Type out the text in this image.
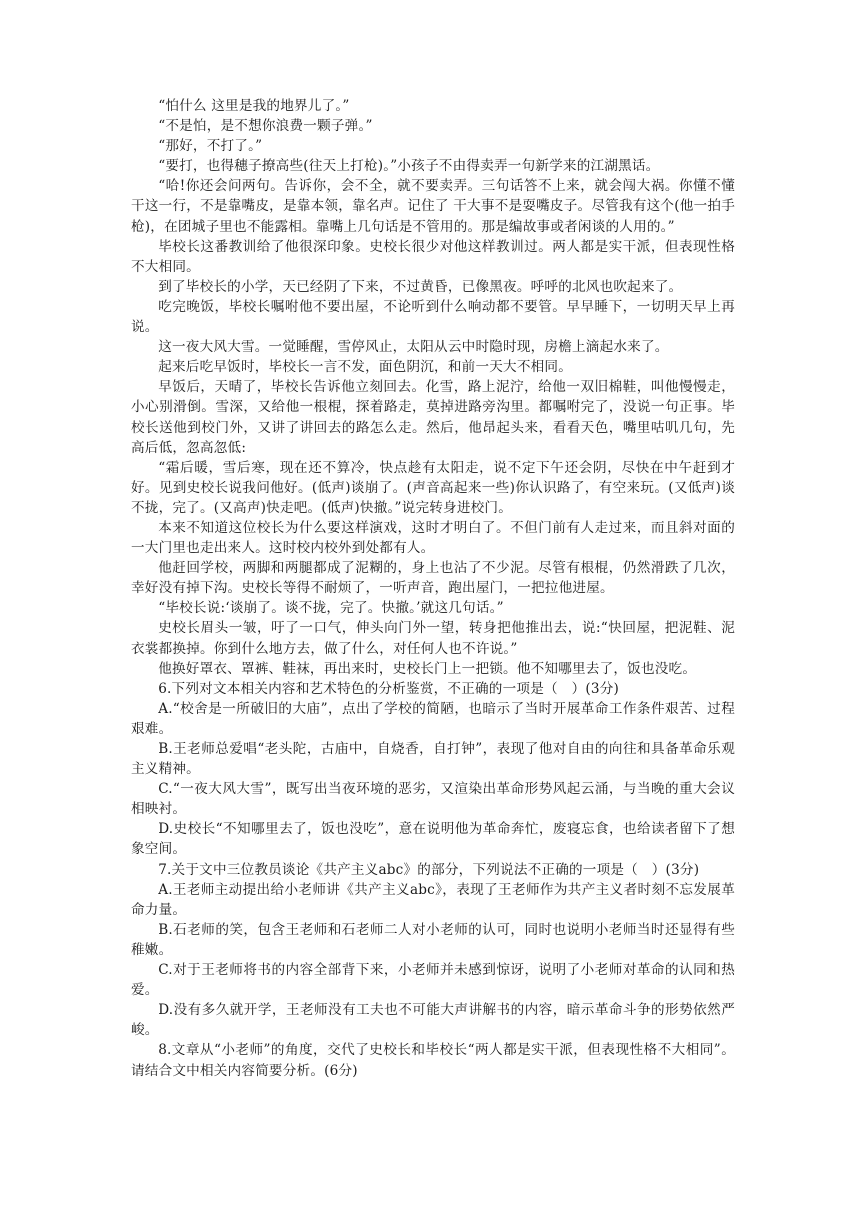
“怕什么 这里是我的地界儿了。”

“不是怕，是不想你浪费一颗子弹。”

“那好，不打了。”

“要打，也得穗子撩高些(往天上打枪)。”小孩子不由得卖弄一句新学来的江湖黑话。

“哈!你还会问两句。告诉你，会不全，就不要卖弄。三句话答不上来，就会闯大祸。你懂不懂 干这一行，不是靠嘴皮，是靠本领，靠名声。记住了 干大事不是耍嘴皮子。尽管我有这个(他一拍手枪)，在团城子里也不能露相。靠嘴上几句话是不管用的。那是编故事或者闲谈的人用的。”

毕校长这番教训给了他很深印象。史校长很少对他这样教训过。两人都是实干派，但表现性格不大相同。

到了毕校长的小学，天已经阴了下来，不过黄昏，已像黑夜。呼呼的北风也吹起来了。

吃完晚饭，毕校长嘱咐他不要出屋，不论听到什么响动都不要管。早早睡下，一切明天早上再说。

这一夜大风大雪。一觉睡醒，雪停风止，太阳从云中时隐时现，房檐上滴起水来了。

起来后吃早饭时，毕校长一言不发，面色阴沉，和前一天大不相同。

早饭后，天晴了，毕校长告诉他立刻回去。化雪，路上泥泞，给他一双旧棉鞋，叫他慢慢走，小心别滑倒。雪深，又给他一根棍，探着路走，莫掉进路旁沟里。都嘱咐完了，没说一句正事。毕校长送他到校门外，又讲了讲回去的路怎么走。然后，他昂起头来，看看天色，嘴里咕叽几句，先高后低，忽高忽低:

“霜后暖，雪后寒，现在还不算冷，快点趁有太阳走，说不定下午还会阴，尽快在中午赶到才好。见到史校长说我问他好。(低声)谈崩了。(声音高起来一些)你认识路了，有空来玩。(又低声)谈不拢，完了。(又高声)快走吧。(低声)快撤。”说完转身进校门。

本来不知道这位校长为什么要这样演戏，这时才明白了。不但门前有人走过来，而且斜对面的一大门里也走出来人。这时校内校外到处都有人。

他赶回学校，两脚和两腿都成了泥糊的，身上也沾了不少泥。尽管有根棍，仍然滑跌了几次，幸好没有掉下沟。史校长等得不耐烦了，一听声音，跑出屋门，一把拉他进屋。

“毕校长说:‘谈崩了。谈不拢，完了。快撤。’就这几句话。”

史校长眉头一皱，吁了一口气，伸头向门外一望，转身把他推出去，说:“快回屋，把泥鞋、泥衣裳都换掉。你到什么地方去，做了什么，对任何人也不许说。”

他换好罩衣、罩裤、鞋袜，再出来时，史校长门上一把锁。他不知哪里去了，饭也没吃。

6.下列对文本相关内容和艺术特色的分析鉴赏，不正确的一项是（　）(3分)

A.“校舍是一所破旧的大庙”，点出了学校的简陋，也暗示了当时开展革命工作条件艰苦、过程艰难。

B.王老师总爱唱“老头陀，古庙中，自烧香，自打钟”，表现了他对自由的向往和具备革命乐观主义精神。

C.“一夜大风大雪”，既写出当夜环境的恶劣，又渲染出革命形势风起云涌，与当晚的重大会议相映衬。

D.史校长“不知哪里去了，饭也没吃”，意在说明他为革命奔忙，废寝忘食，也给读者留下了想象空间。

7.关于文中三位教员谈论《共产主义abc》的部分，下列说法不正确的一项是（　）(3分)

A.王老师主动提出给小老师讲《共产主义abc》，表现了王老师作为共产主义者时刻不忘发展革命力量。

B.石老师的笑，包含王老师和石老师二人对小老师的认可，同时也说明小老师当时还显得有些稚嫩。

C.对于王老师将书的内容全部背下来，小老师并未感到惊讶，说明了小老师对革命的认同和热爱。

D.没有多久就开学，王老师没有工夫也不可能大声讲解书的内容，暗示革命斗争的形势依然严峻。

8.文章从“小老师”的角度，交代了史校长和毕校长“两人都是实干派，但表现性格不大相同”。请结合文中相关内容简要分析。(6分)
